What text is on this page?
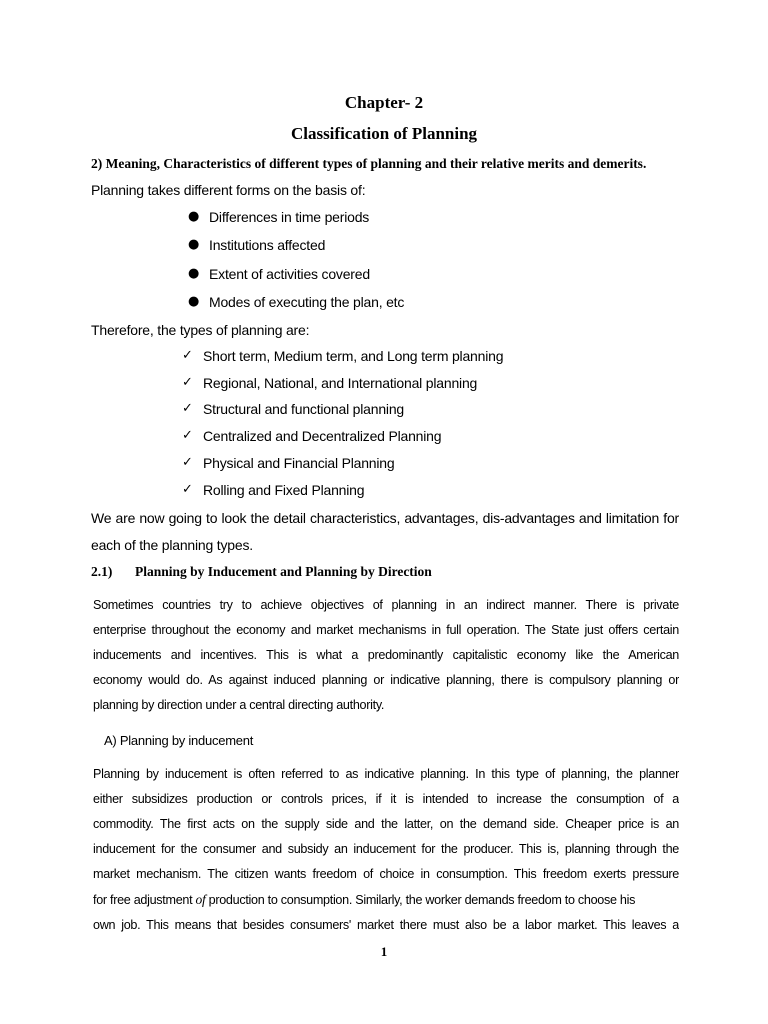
Chapter- 2
Classification of Planning
2) Meaning, Characteristics of different types of planning and their relative merits and demerits.
Planning takes different forms on the basis of:
● Differences in time periods
● Institutions affected
● Extent of activities covered
● Modes of executing the plan, etc
Therefore, the types of planning are:
✓ Short term, Medium term, and Long term planning
✓ Regional, National, and International planning
✓ Structural and functional planning
✓ Centralized and Decentralized Planning
✓ Physical and Financial Planning
✓ Rolling and Fixed Planning
We are now going to look the detail characteristics, advantages, dis-advantages and limitation for
each of the planning types.
2.1) Planning by Inducement and Planning by Direction
Sometimes countries try to achieve objectives of planning in an indirect manner. There is private
enterprise throughout the economy and market mechanisms in full operation. The State just offers certain
inducements and incentives. This is what a predominantly capitalistic economy like the American
economy would do. As against induced planning or indicative planning, there is compulsory planning or
planning by direction under a central directing authority.
A) Planning by inducement
Planning by inducement is often referred to as indicative planning. In this type of planning, the planner
either subsidizes production or controls prices, if it is intended to increase the consumption of a
commodity. The first acts on the supply side and the latter, on the demand side. Cheaper price is an
inducement for the consumer and subsidy an inducement for the producer. This is, planning through the
market mechanism. The citizen wants freedom of choice in consumption. This freedom exerts pressure
for free adjustment of production to consumption. Similarly, the worker demands freedom to choose his
own job. This means that besides consumers' market there must also be a labor market. This leaves a
1
